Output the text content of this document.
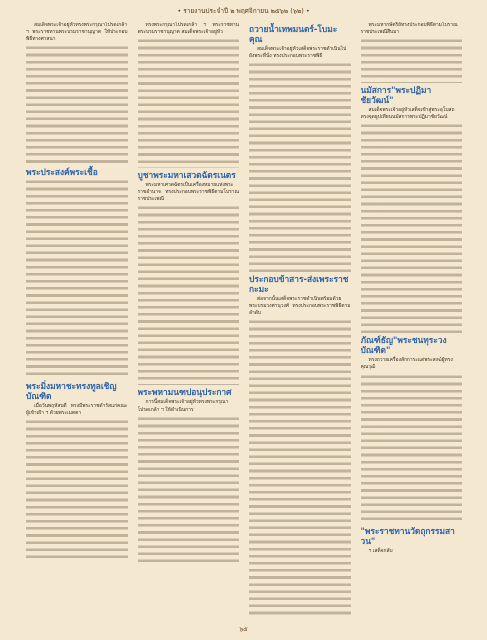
• รายงานประจำปี ๒ พฤศจิกายน ๒๕๖๒ (๖๒) •

สมเด็จพระเจ้าอยู่หัวทรงพระกรุณาโปรดเกล้า ฯ พระราชทานพระบรมราชานุญาต ให้ประกอบพิธีทางศาสนา

พระประสงค์พระเชื้อ
พระมิ่งมหาชะทรงทูลเชิญบัณฑิต

เมื่อวันพฤหัสบดี ทรงมีพระราชดำรัสแก่คณะผู้เข้าเฝ้า ฯ ด้วยพระเมตตา

ทรงพระกรุณาโปรดเกล้า ฯ พระราชทานพระบรมราชานุญาต สมเด็จพระเจ้าอยู่หัว

บูชาพระมหาเสวตฉัตรเนตร

พระมหาเศวตฉัตรเป็นเครื่องหมายแห่งพระราชอำนาจ ทรงประกอบพระราชพิธีตามโบราณราชประเพณี

พระพหามนฑปอนุประกาศ

การนี้สมเด็จพระเจ้าอยู่หัวทรงพระกรุณาโปรดเกล้า ฯ ให้ดำเนินการ

ถวายน้ำเทพมนตร์-โบมะคุณ

สมเด็จพระเจ้าอยู่หัวเสด็จพระราชดำเนินไปยังพระที่นั่ง ทรงประกอบพระราชพิธี

ประกอบข้าสาร-ส่งเพระราชกะมะ

ต่อจากนั้นเสด็จพระราชดำเนินพร้อมด้วยพระบรมวงศานุวงศ์ ทรงประกอบพระราชพิธีตามลำดับ

พระมหากษัตริย์ทรงประกอบพิธีตามโบราณราชประเพณีสืบมา

นมัสการ"พระปฏิมาชัยวัฒน์"

สมเด็จพระเจ้าอยู่หัวเสด็จเข้าสู่พระอุโบสถ ทรงจุดธูปเทียนนมัสการพระปฏิมาชัยวัฒน์

ภัณฑ์ธัญ"พระชนทุระวงบัณฑิต"

ทรงถวายเครื่องสักการะแด่พระสงฆ์ผู้ทรงคุณวุฒิ

"พระราชทานวัดถุกรรมสาวน"

ฯ เสด็จกลับ

๖๕
